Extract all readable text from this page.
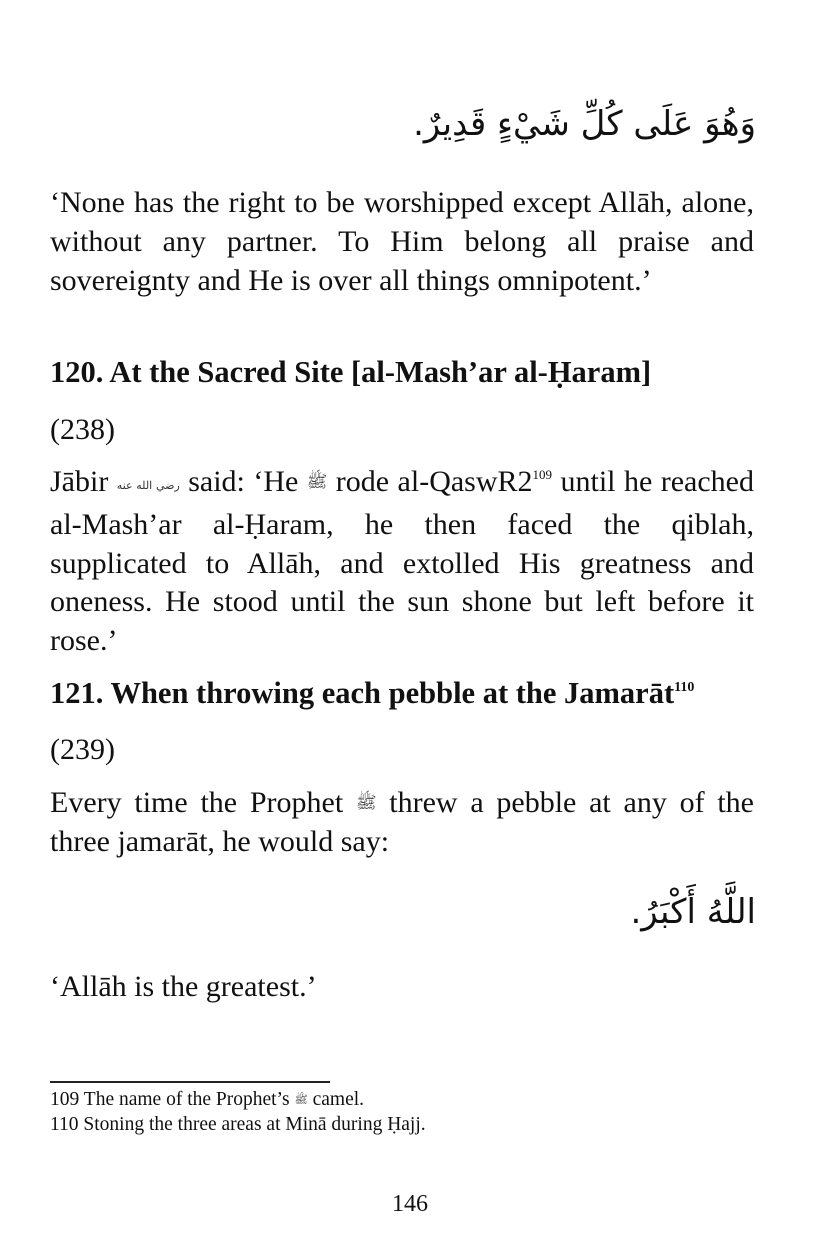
وَهُوَ عَلَى كُلِّ شَيْءٍ قَدِيرٌ.
‘None has the right to be worshipped except Allāh, alone, without any partner. To Him belong all praise and sovereignty and He is over all things omnipotent.’
120. At the Sacred Site [al-Mash’ar al-Ḥaram]
(238)
Jābir رضي الله عنه said: ‘He ﷺ rode $al-QaswR2^{109}$ until he reached al-Mash’ar al-Ḥaram, he then faced the qiblah, supplicated to Allāh, and extolled His greatness and oneness. He stood until the sun shone but left before it rose.’
121. When throwing each pebble at the Jamarāt$^{110}$
(239)
Every time the Prophet ﷺ threw a pebble at any of the three jamarāt, he would say:
اللَّهُ أَكْبَرُ.
‘Allāh is the greatest.’
109 The name of the Prophet’s ﷺ camel.
110 Stoning the three areas at Minā during Ḥajj.
146
